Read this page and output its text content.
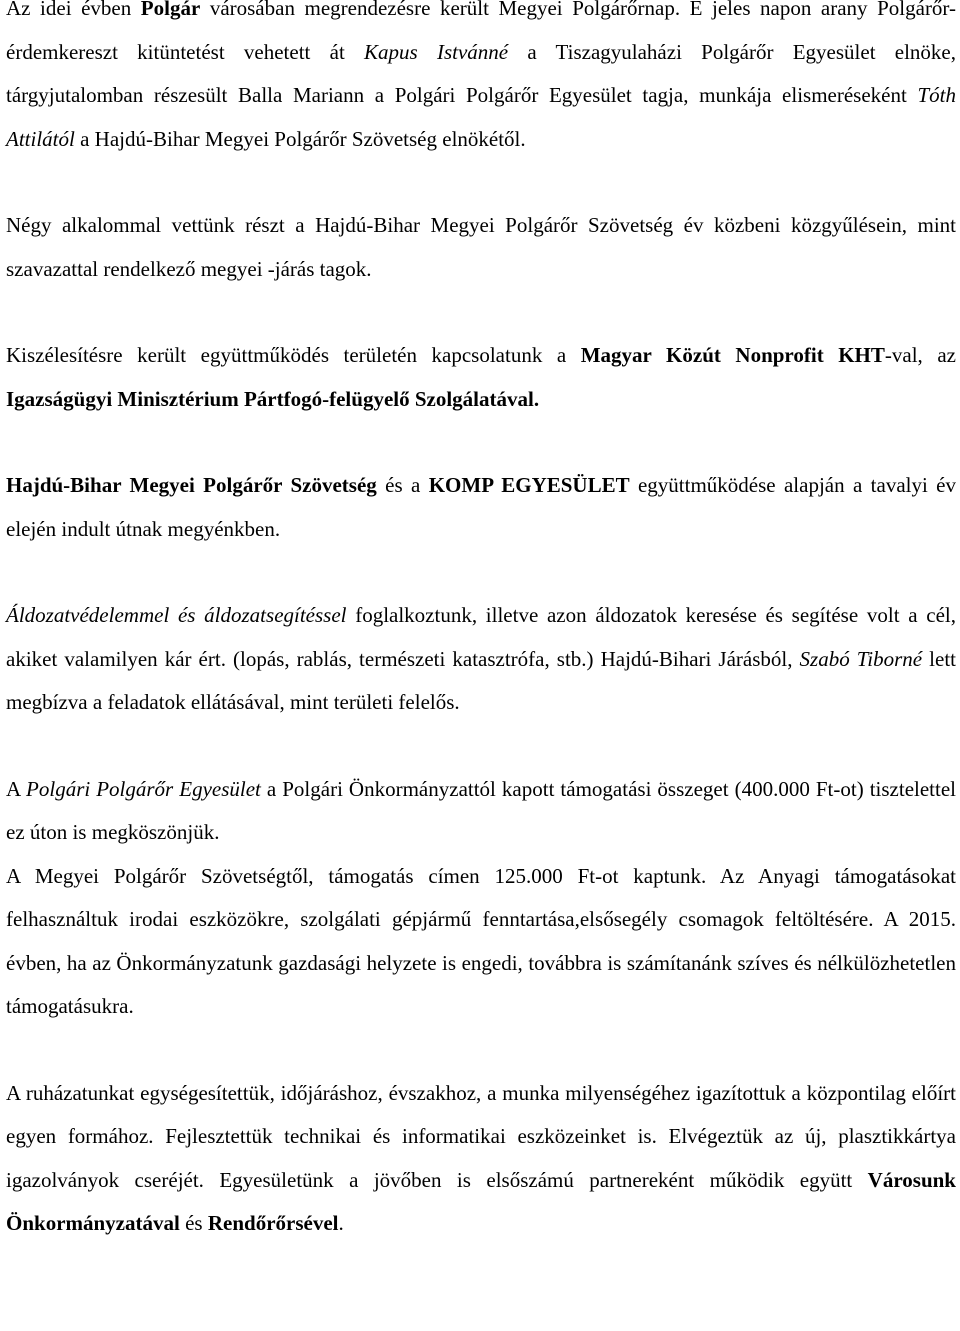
Az idei évben Polgár városában megrendezésre került Megyei Polgárőrnap. E jeles napon arany Polgárőr-érdemkereszt kitüntetést vehetett át Kapus Istvánné a Tiszagyulaházi Polgárőr Egyesület elnöke, tárgyjutalomban részesült Balla Mariann a Polgári Polgárőr Egyesület tagja, munkája elismeréseként Tóth Attilától a Hajdú-Bihar Megyei Polgárőr Szövetség elnökétől.

Négy alkalommal vettünk részt a Hajdú-Bihar Megyei Polgárőr Szövetség év közbeni közgyűlésein, mint szavazattal rendelkező megyei -járás tagok.

Kiszélesítésre került együttműködés területén kapcsolatunk a Magyar Közút Nonprofit KHT-val, az Igazságügyi Minisztérium Pártfogó-felügyelő Szolgálatával.

Hajdú-Bihar Megyei Polgárőr Szövetség és a KOMP EGYESÜLET együttműködése alapján a tavalyi év elején indult útnak megyénkben.

Áldozatvédelemmel és áldozatsegítéssel foglalkoztunk, illetve azon áldozatok keresése és segítése volt a cél, akiket valamilyen kár ért. (lopás, rablás, természeti katasztrófa, stb.) Hajdú-Bihari Járásból, Szabó Tiborné lett megbízva a feladatok ellátásával, mint területi felelős.

A Polgári Polgárőr Egyesület a Polgári Önkormányzattól kapott támogatási összeget (400.000 Ft-ot) tisztelettel ez úton is megköszönjük.

A Megyei Polgárőr Szövetségtől, támogatás címen 125.000 Ft-ot kaptunk. Az Anyagi támogatásokat felhasználtuk irodai eszközökre, szolgálati gépjármű fenntartása,elsősegély csomagok feltöltésére. A 2015. évben, ha az Önkormányzatunk gazdasági helyzete is engedi, továbbra is számítanánk szíves és nélkülözhetetlen támogatásukra.

A ruházatunkat egységesítettük, időjáráshoz, évszakhoz, a munka milyenségéhez igazítottuk a központilag előírt egyen formához. Fejlesztettük technikai és informatikai eszközeinket is. Elvégeztük az új, plasztikkártya igazolványok cseréjét. Egyesületünk a jövőben is elsőszámú partnereként működik együtt Városunk Önkormányzatával és Rendőrőrsével.
